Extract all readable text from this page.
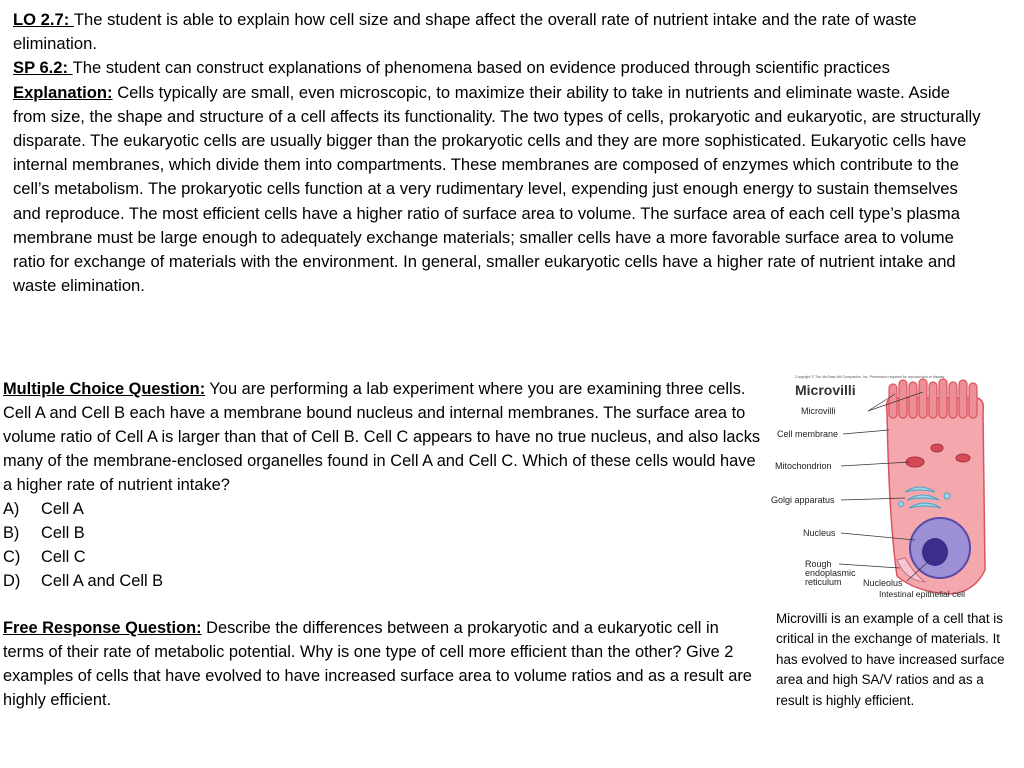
LO 2.7: The student is able to explain how cell size and shape affect the overall rate of nutrient intake and the rate of waste elimination.

SP 6.2: The student can construct explanations of phenomena based on evidence produced through scientific practices

Explanation: Cells typically are small, even microscopic, to maximize their ability to take in nutrients and eliminate waste. Aside from size, the shape and structure of a cell affects its functionality. The two types of cells, prokaryotic and eukaryotic, are structurally disparate. The eukaryotic cells are usually bigger than the prokaryotic cells and they are more sophisticated. Eukaryotic cells have internal membranes, which divide them into compartments. These membranes are composed of enzymes which contribute to the cell’s metabolism. The prokaryotic cells function at a very rudimentary level, expending just enough energy to sustain themselves and reproduce. The most efficient cells have a higher ratio of surface area to volume. The surface area of each cell type’s plasma membrane must be large enough to adequately exchange materials; smaller cells have a more favorable surface area to volume ratio for exchange of materials with the environment. In general, smaller eukaryotic cells have a higher rate of nutrient intake and waste elimination.

Multiple Choice Question: You are performing a lab experiment where you are examining three cells. Cell A and Cell B each have a membrane bound nucleus and internal membranes. The surface area to volume ratio of Cell A is larger than that of Cell B. Cell C appears to have no true nucleus, and also lacks many of the membrane-enclosed organelles found in Cell A and Cell C. Which of these cells would have a higher rate of nutrient intake?

A)	Cell A
B)	Cell B
C)	Cell C
D)	Cell A and Cell B

Free Response Question: Describe the differences between a prokaryotic and a eukaryotic cell in terms of their rate of metabolic potential. Why is one type of cell more efficient than the other? Give 2 examples of cells that have evolved to have increased surface area to volume ratios and as a result are highly efficient.

Copyright © The McGraw-Hill Companies, Inc. Permission required for reproduction or display.
Microvilli
Microvilli
Cell membrane
Mitochondrion
Golgi apparatus
Nucleus
Rough
endoplasmic
reticulum Nucleolus
Intestinal epithelial cell
Microvilli is an example of a cell that is critical in the exchange of materials. It has evolved to have increased surface area and high SA/V ratios and as a result is highly efficient.
